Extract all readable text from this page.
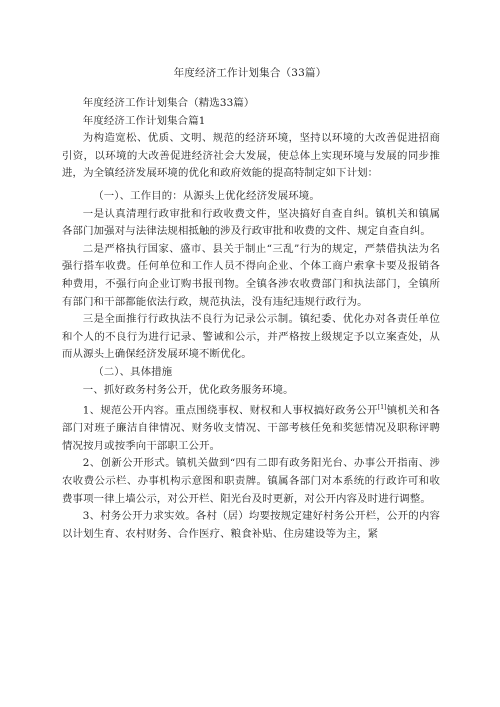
年度经济工作计划集合（33篇）

年度经济工作计划集合（精选33篇）

年度经济工作计划集合篇1

为构造宽松、优质、文明、规范的经济环境，坚持以环境的大改善促进招商引资，以环境的大改善促进经济社会大发展，使总体上实现环境与发展的同步推进，为全镇经济发展环境的优化和政府效能的提高特制定如下计划：

（一）、工作目的：从源头上优化经济发展环境。

一是认真清理行政审批和行政收费文件，坚决搞好自查自纠。镇机关和镇属各部门加强对与法律法规相抵触的涉及行政审批和收费的文件、规定自查自纠。

二是严格执行国家、盛市、县关于制止“三乱”行为的规定，严禁借执法为名强行搭车收费。任何单位和工作人员不得向企业、个体工商户索拿卡要及报销各种费用，不强行向企业订购书报刊物。全镇各涉农收费部门和执法部门，全镇所有部门和干部都能依法行政，规范执法，没有违纪违规行政行为。

三是全面推行行政执法不良行为记录公示制。镇纪委、优化办对各责任单位和个人的不良行为进行记录、警诫和公示，并严格按上级规定予以立案查处，从而从源头上确保经济发展环境不断优化。

（二）、具体措施

一、抓好政务村务公开，优化政务服务环境。

1、规范公开内容。重点围绕事权、财权和人事权搞好政务公开[1]镇机关和各部门对班子廉洁自律情况、财务收支情况、干部考核任免和奖惩情况及职称评聘情况按月或按季向干部职工公开。

2、创新公开形式。镇机关做到“四有二即有政务阳光台、办事公开指南、涉农收费公示栏、办事机构示意图和职责牌。镇属各部门对本系统的行政许可和收费事项一律上墙公示，对公开栏、阳光台及时更新，对公开内容及时进行调整。

3、村务公开力求实效。各村（居）均要按规定建好村务公开栏，公开的内容以计划生育、农村财务、合作医疗、粮食补贴、住房建设等为主，紧
